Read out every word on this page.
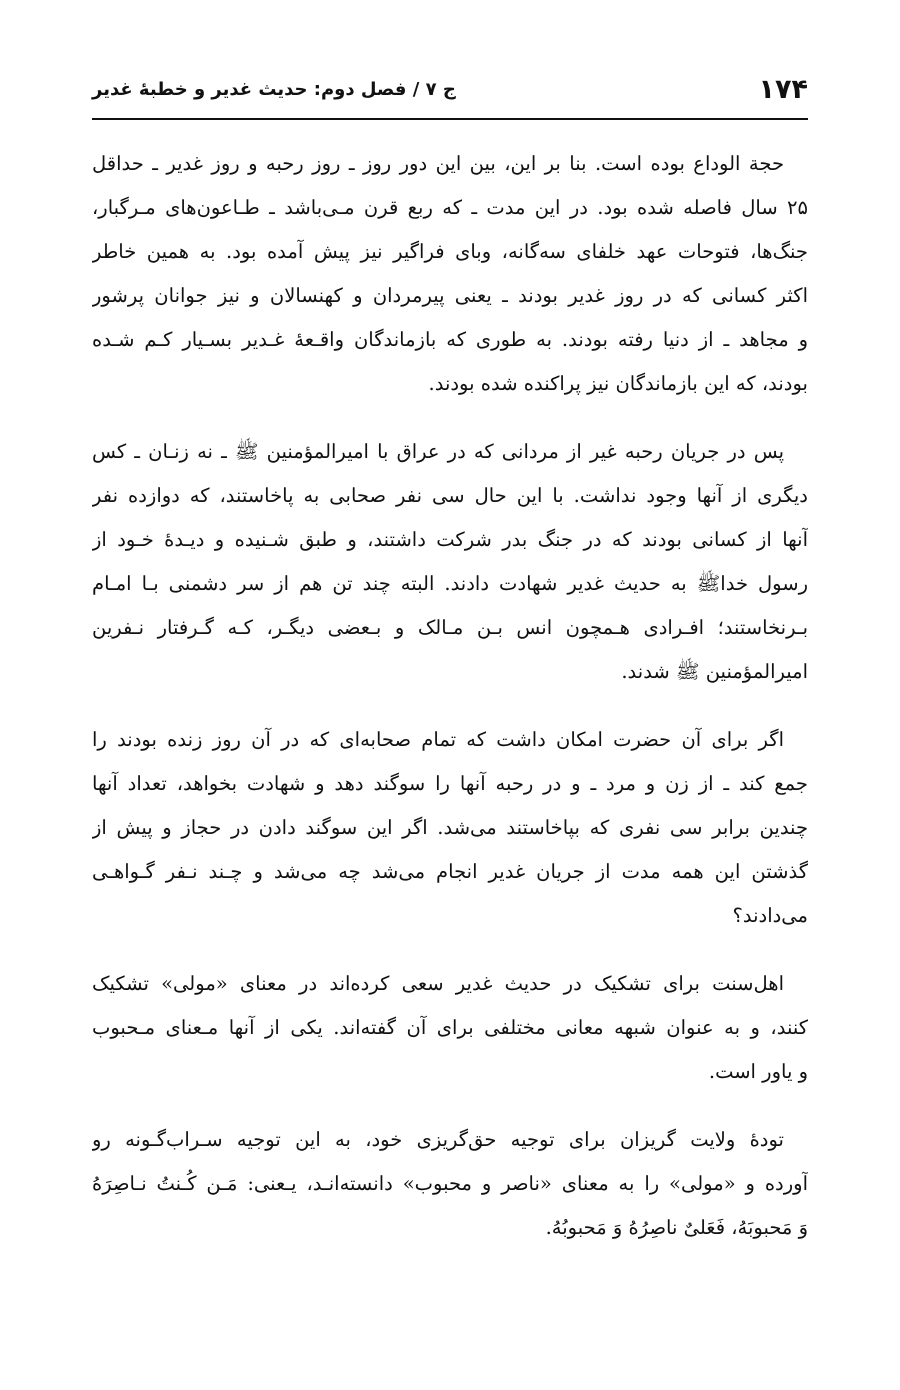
۱۷۴
ج ۷ / فصل دوم: حدیث غدیر و خطبهٔ غدیر
حجة الوداع بوده است. بنا بر این، بین این دور روز ـ روز رحبه و روز غدیر ـ حداقل
۲۵ سال فاصله شده بود. در این مدت ـ که ربع قرن مـی‌باشد ـ طـاعون‌های مـرگبار،
جنگ‌ها، فتوحات عهد خلفای سه‌گانه، وبای فراگیر نیز پیش آمده بود. به همین خاطر
اکثر کسانی که در روز غدیر بودند ـ یعنی پیرمردان و کهنسالان و نیز جوانان پرشور
و مجاهد ـ از دنیا رفته بودند. به طوری که بازماندگان واقـعهٔ غـدیر بسـیار کـم شـده
بودند، که این بازماندگان نیز پراکنده شده بودند.
پس در جریان رحبه غیر از مردانی که در عراق با امیرالمؤمنین ﷺ ـ نه زنـان ـ کس
دیگری از آنها وجود نداشت. با این حال سی نفر صحابی به پاخاستند، که دوازده نفر
آنها از کسانی بودند که در جنگ بدر شرکت داشتند، و طبق شـنیده و دیـدهٔ خـود از
رسول خداﷺ به حدیث غدیر شهادت دادند. البته چند تن هم از سر دشمنی بـا امـام
بـرنخاستند؛ افـرادی هـمچون انس بـن مـالک و بـعضی دیگـر، کـه گـرفتار نـفرین
امیرالمؤمنین ﷺ شدند.
اگر برای آن حضرت امکان داشت که تمام صحابه‌ای که در آن روز زنده بودند را
جمع کند ـ از زن و مرد ـ و در رحبه آنها را سوگند دهد و شهادت بخواهد، تعداد آنها
چندین برابر سی نفری که بپاخاستند می‌شد. اگر این سوگند دادن در حجاز و پیش از
گذشتن این همه مدت از جریان غدیر انجام می‌شد چه می‌شد و چـند نـفر گـواهـی
می‌دادند؟
اهل‌سنت برای تشکیک در حدیث غدیر سعی کرده‌اند در معنای «مولی» تشکیک
کنند، و به عنوان شبهه معانی مختلفی برای آن گفته‌اند. یکی از آنها مـعنای مـحبوب
و یاور است.
تودهٔ ولایت گریزان برای توجیه حق‌گریزی خود، به این توجیه سـراب‌گـونه رو
آورده و «مولی» را به معنای «ناصر و محبوب» دانسته‌انـد، یـعنی: مَـن کُـنتُ نـاصِرَهُ
وَ مَحبوبَهُ، فَعَلیٌ ناصِرُهُ وَ مَحبوبُهُ.
